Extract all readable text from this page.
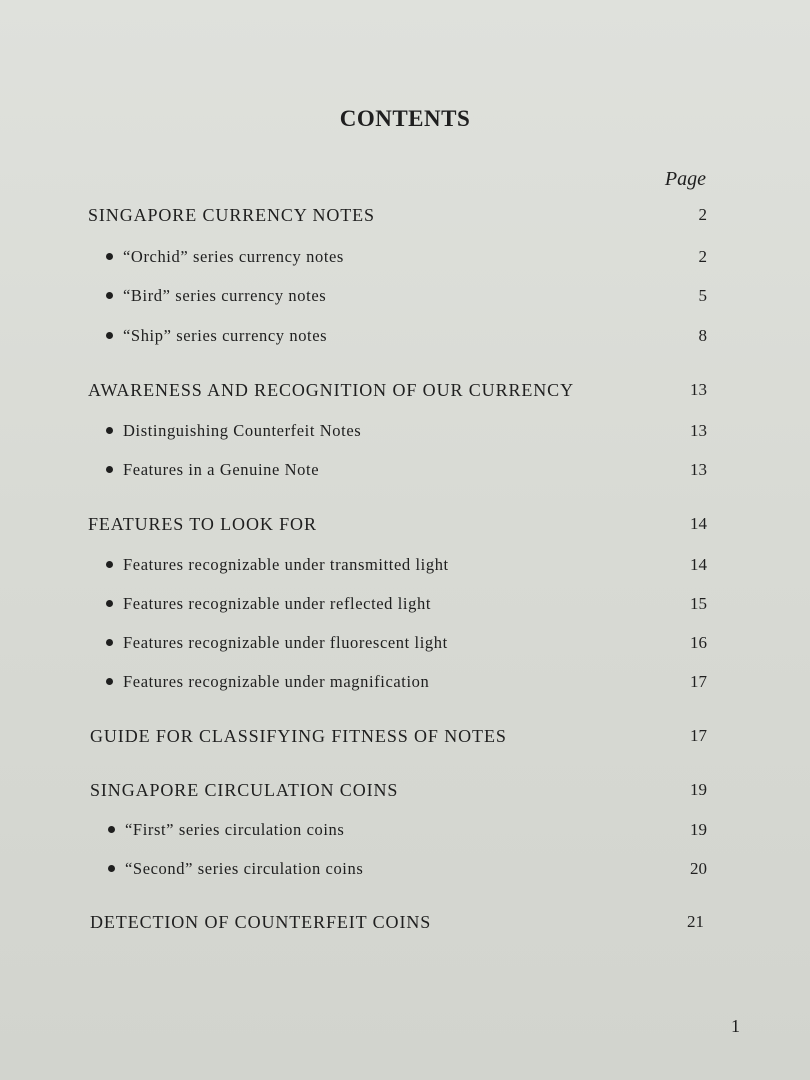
CONTENTS
Page
SINGAPORE CURRENCY NOTES	2
“Orchid” series currency notes	2
“Bird” series currency notes	5
“Ship” series currency notes	8
AWARENESS AND RECOGNITION OF OUR CURRENCY	13
Distinguishing Counterfeit Notes	13
Features in a Genuine Note	13
FEATURES TO LOOK FOR	14
Features recognizable under transmitted light	14
Features recognizable under reflected light	15
Features recognizable under fluorescent light	16
Features recognizable under magnification	17
GUIDE FOR CLASSIFYING FITNESS OF NOTES	17
SINGAPORE CIRCULATION COINS	19
“First” series circulation coins	19
“Second” series circulation coins	20
DETECTION OF COUNTERFEIT COINS	21
1
